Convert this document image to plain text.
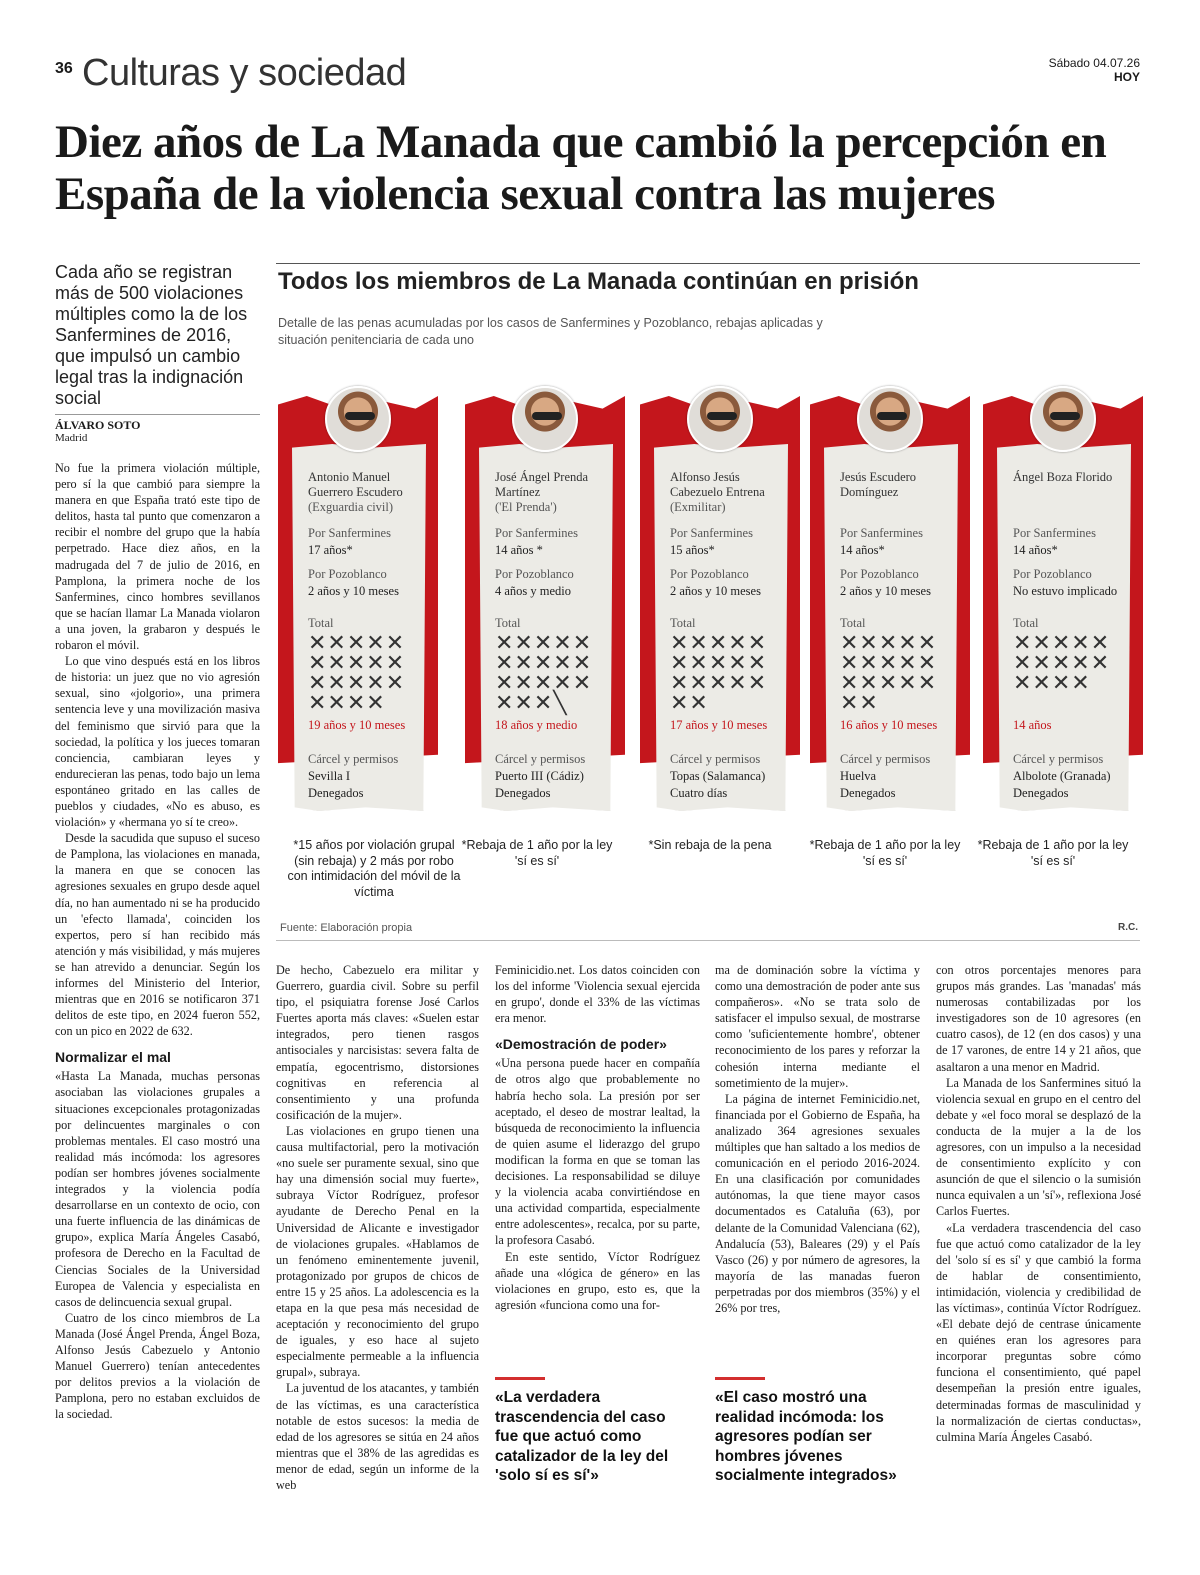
36 Culturas y sociedad	Sábado 04.07.26
HOY
Diez años de La Manada que cambió la percepción en España de la violencia sexual contra las mujeres
Cada año se registran más de 500 violaciones múltiples como la de los Sanfermines de 2016, que impulsó un cambio legal tras la indignación social
ÁLVARO SOTO
Madrid
Todos los miembros de La Manada continúan en prisión
Detalle de las penas acumuladas por los casos de Sanfermines y Pozoblanco, rebajas aplicadas y situación penitenciaria de cada uno
Antonio Manuel Guerrero Escudero
(Exguardia civil)
Por Sanfermines
17 años*
Por Pozoblanco
2 años y 10 meses
Total
✕✕✕✕✕✕✕✕✕✕✕✕✕✕✕✕✕✕✕
19 años y 10 meses
Cárcel y permisos
Sevilla I
Denegados
*15 años por violación grupal (sin rebaja) y 2 más por robo con intimidación del móvil de la víctima
José Ángel Prenda Martínez
('El Prenda')
Por Sanfermines
14 años *
Por Pozoblanco
4 años y medio
Total
✕✕✕✕✕✕✕✕✕✕✕✕✕✕✕✕✕✕╲
18 años y medio
Cárcel y permisos
Puerto III (Cádiz)
Denegados
*Rebaja de 1 año por la ley 'sí es sí'
Alfonso Jesús Cabezuelo Entrena
(Exmilitar)
Por Sanfermines
15 años*
Por Pozoblanco
2 años y 10 meses
Total
✕✕✕✕✕✕✕✕✕✕✕✕✕✕✕✕✕
17 años y 10 meses
Cárcel y permisos
Topas (Salamanca)
Cuatro días
*Sin rebaja de la pena
Jesús Escudero Domínguez
Por Sanfermines
14 años*
Por Pozoblanco
2 años y 10 meses
Total
✕✕✕✕✕✕✕✕✕✕✕✕✕✕✕✕✕
16 años y 10 meses
Cárcel y permisos
Huelva
Denegados
*Rebaja de 1 año por la ley 'sí es sí'
Ángel Boza Florido
Por Sanfermines
14 años*
Por Pozoblanco
No estuvo implicado
Total
✕✕✕✕✕✕✕✕✕✕✕✕✕✕
14 años
Cárcel y permisos
Albolote (Granada)
Denegados
*Rebaja de 1 año por la ley 'sí es sí'
Fuente: Elaboración propia	R.C.

No fue la primera violación múltiple, pero sí la que cambió para siempre la manera en que España trató este tipo de delitos, hasta tal punto que comenzaron a recibir el nombre del grupo que la había perpetrado. Hace diez años, en la madrugada del 7 de julio de 2016, en Pamplona, la primera noche de los Sanfermines, cinco hombres sevillanos que se hacían llamar La Manada violaron a una joven, la grabaron y después le robaron el móvil.

Lo que vino después está en los libros de historia: un juez que no vio agresión sexual, sino «jolgorio», una primera sentencia leve y una movilización masiva del feminismo que sirvió para que la sociedad, la política y los jueces tomaran conciencia, cambiaran leyes y endurecieran las penas, todo bajo un lema espontáneo gritado en las calles de pueblos y ciudades, «No es abuso, es violación» y «hermana yo sí te creo».

Desde la sacudida que supuso el suceso de Pamplona, las violaciones en manada, la manera en que se conocen las agresiones sexuales en grupo desde aquel día, no han aumentado ni se ha producido un 'efecto llamada', coinciden los expertos, pero sí han recibido más atención y más visibilidad, y más mujeres se han atrevido a denunciar. Según los informes del Ministerio del Interior, mientras que en 2016 se notificaron 371 delitos de este tipo, en 2024 fueron 552, con un pico en 2022 de 632.

Normalizar el mal

«Hasta La Manada, muchas personas asociaban las violaciones grupales a situaciones excepcionales protagonizadas por delincuentes marginales o con problemas mentales. El caso mostró una realidad más incómoda: los agresores podían ser hombres jóvenes socialmente integrados y la violencia podía desarrollarse en un contexto de ocio, con una fuerte influencia de las dinámicas de grupo», explica María Ángeles Casabó, profesora de Derecho en la Facultad de Ciencias Sociales de la Universidad Europea de Valencia y especialista en casos de delincuencia sexual grupal.

Cuatro de los cinco miembros de La Manada (José Ángel Prenda, Ángel Boza, Alfonso Jesús Cabezuelo y Antonio Manuel Guerrero) tenían antecedentes por delitos previos a la violación de Pamplona, pero no estaban excluidos de la sociedad.

De hecho, Cabezuelo era militar y Guerrero, guardia civil. Sobre su perfil tipo, el psiquiatra forense José Carlos Fuertes aporta más claves: «Suelen estar integrados, pero tienen rasgos antisociales y narcisistas: severa falta de empatía, egocentrismo, distorsiones cognitivas en referencia al consentimiento y una profunda cosificación de la mujer».

Las violaciones en grupo tienen una causa multifactorial, pero la motivación «no suele ser puramente sexual, sino que hay una dimensión social muy fuerte», subraya Víctor Rodríguez, profesor ayudante de Derecho Penal en la Universidad de Alicante e investigador de violaciones grupales. «Hablamos de un fenómeno eminentemente juvenil, protagonizado por grupos de chicos de entre 15 y 25 años. La adolescencia es la etapa en la que pesa más necesidad de aceptación y reconocimiento del grupo de iguales, y eso hace al sujeto especialmente permeable a la influencia grupal», subraya.

La juventud de los atacantes, y también de las víctimas, es una característica notable de estos sucesos: la media de edad de los agresores se sitúa en 24 años mientras que el 38% de las agredidas es menor de edad, según un informe de la web

Feminicidio.net. Los datos coinciden con los del informe 'Violencia sexual ejercida en grupo', donde el 33% de las víctimas era menor.

«Demostración de poder»

«Una persona puede hacer en compañía de otros algo que probablemente no habría hecho sola. La presión por ser aceptado, el deseo de mostrar lealtad, la búsqueda de reconocimiento la influencia de quien asume el liderazgo del grupo modifican la forma en que se toman las decisiones. La responsabilidad se diluye y la violencia acaba convirtiéndose en una actividad compartida, especialmente entre adolescentes», recalca, por su parte, la profesora Casabó.

En este sentido, Víctor Rodríguez añade una «lógica de género» en las violaciones en grupo, esto es, que la agresión «funciona como una for-

ma de dominación sobre la víctima y como una demostración de poder ante sus compañeros». «No se trata solo de satisfacer el impulso sexual, de mostrarse como 'suficientemente hombre', obtener reconocimiento de los pares y reforzar la cohesión interna mediante el sometimiento de la mujer».

La página de internet Feminicidio.net, financiada por el Gobierno de España, ha analizado 364 agresiones sexuales múltiples que han saltado a los medios de comunicación en el periodo 2016-2024. En una clasificación por comunidades autónomas, la que tiene mayor casos documentados es Cataluña (63), por delante de la Comunidad Valenciana (62), Andalucía (53), Baleares (29) y el País Vasco (26) y por número de agresores, la mayoría de las manadas fueron perpetradas por dos miembros (35%) y el 26% por tres,

con otros porcentajes menores para grupos más grandes. Las 'manadas' más numerosas contabilizadas por los investigadores son de 10 agresores (en cuatro casos), de 12 (en dos casos) y una de 17 varones, de entre 14 y 21 años, que asaltaron a una menor en Madrid.

La Manada de los Sanfermines situó la violencia sexual en grupo en el centro del debate y «el foco moral se desplazó de la conducta de la mujer a la de los agresores, con un impulso a la necesidad de consentimiento explícito y con asunción de que el silencio o la sumisión nunca equivalen a un 'sí'», reflexiona José Carlos Fuertes.

«La verdadera trascendencia del caso fue que actuó como catalizador de la ley del 'solo sí es sí' y que cambió la forma de hablar de consentimiento, intimidación, violencia y credibilidad de las víctimas», continúa Víctor Rodríguez. «El debate dejó de centrase únicamente en quiénes eran los agresores para incorporar preguntas sobre cómo funciona el consentimiento, qué papel desempeñan la presión entre iguales, determinadas formas de masculinidad y la normalización de ciertas conductas», culmina María Ángeles Casabó.

«La verdadera trascendencia del caso fue que actuó como catalizador de la ley del 'solo sí es sí'»
«El caso mostró una realidad incómoda: los agresores podían ser hombres jóvenes socialmente integrados»
